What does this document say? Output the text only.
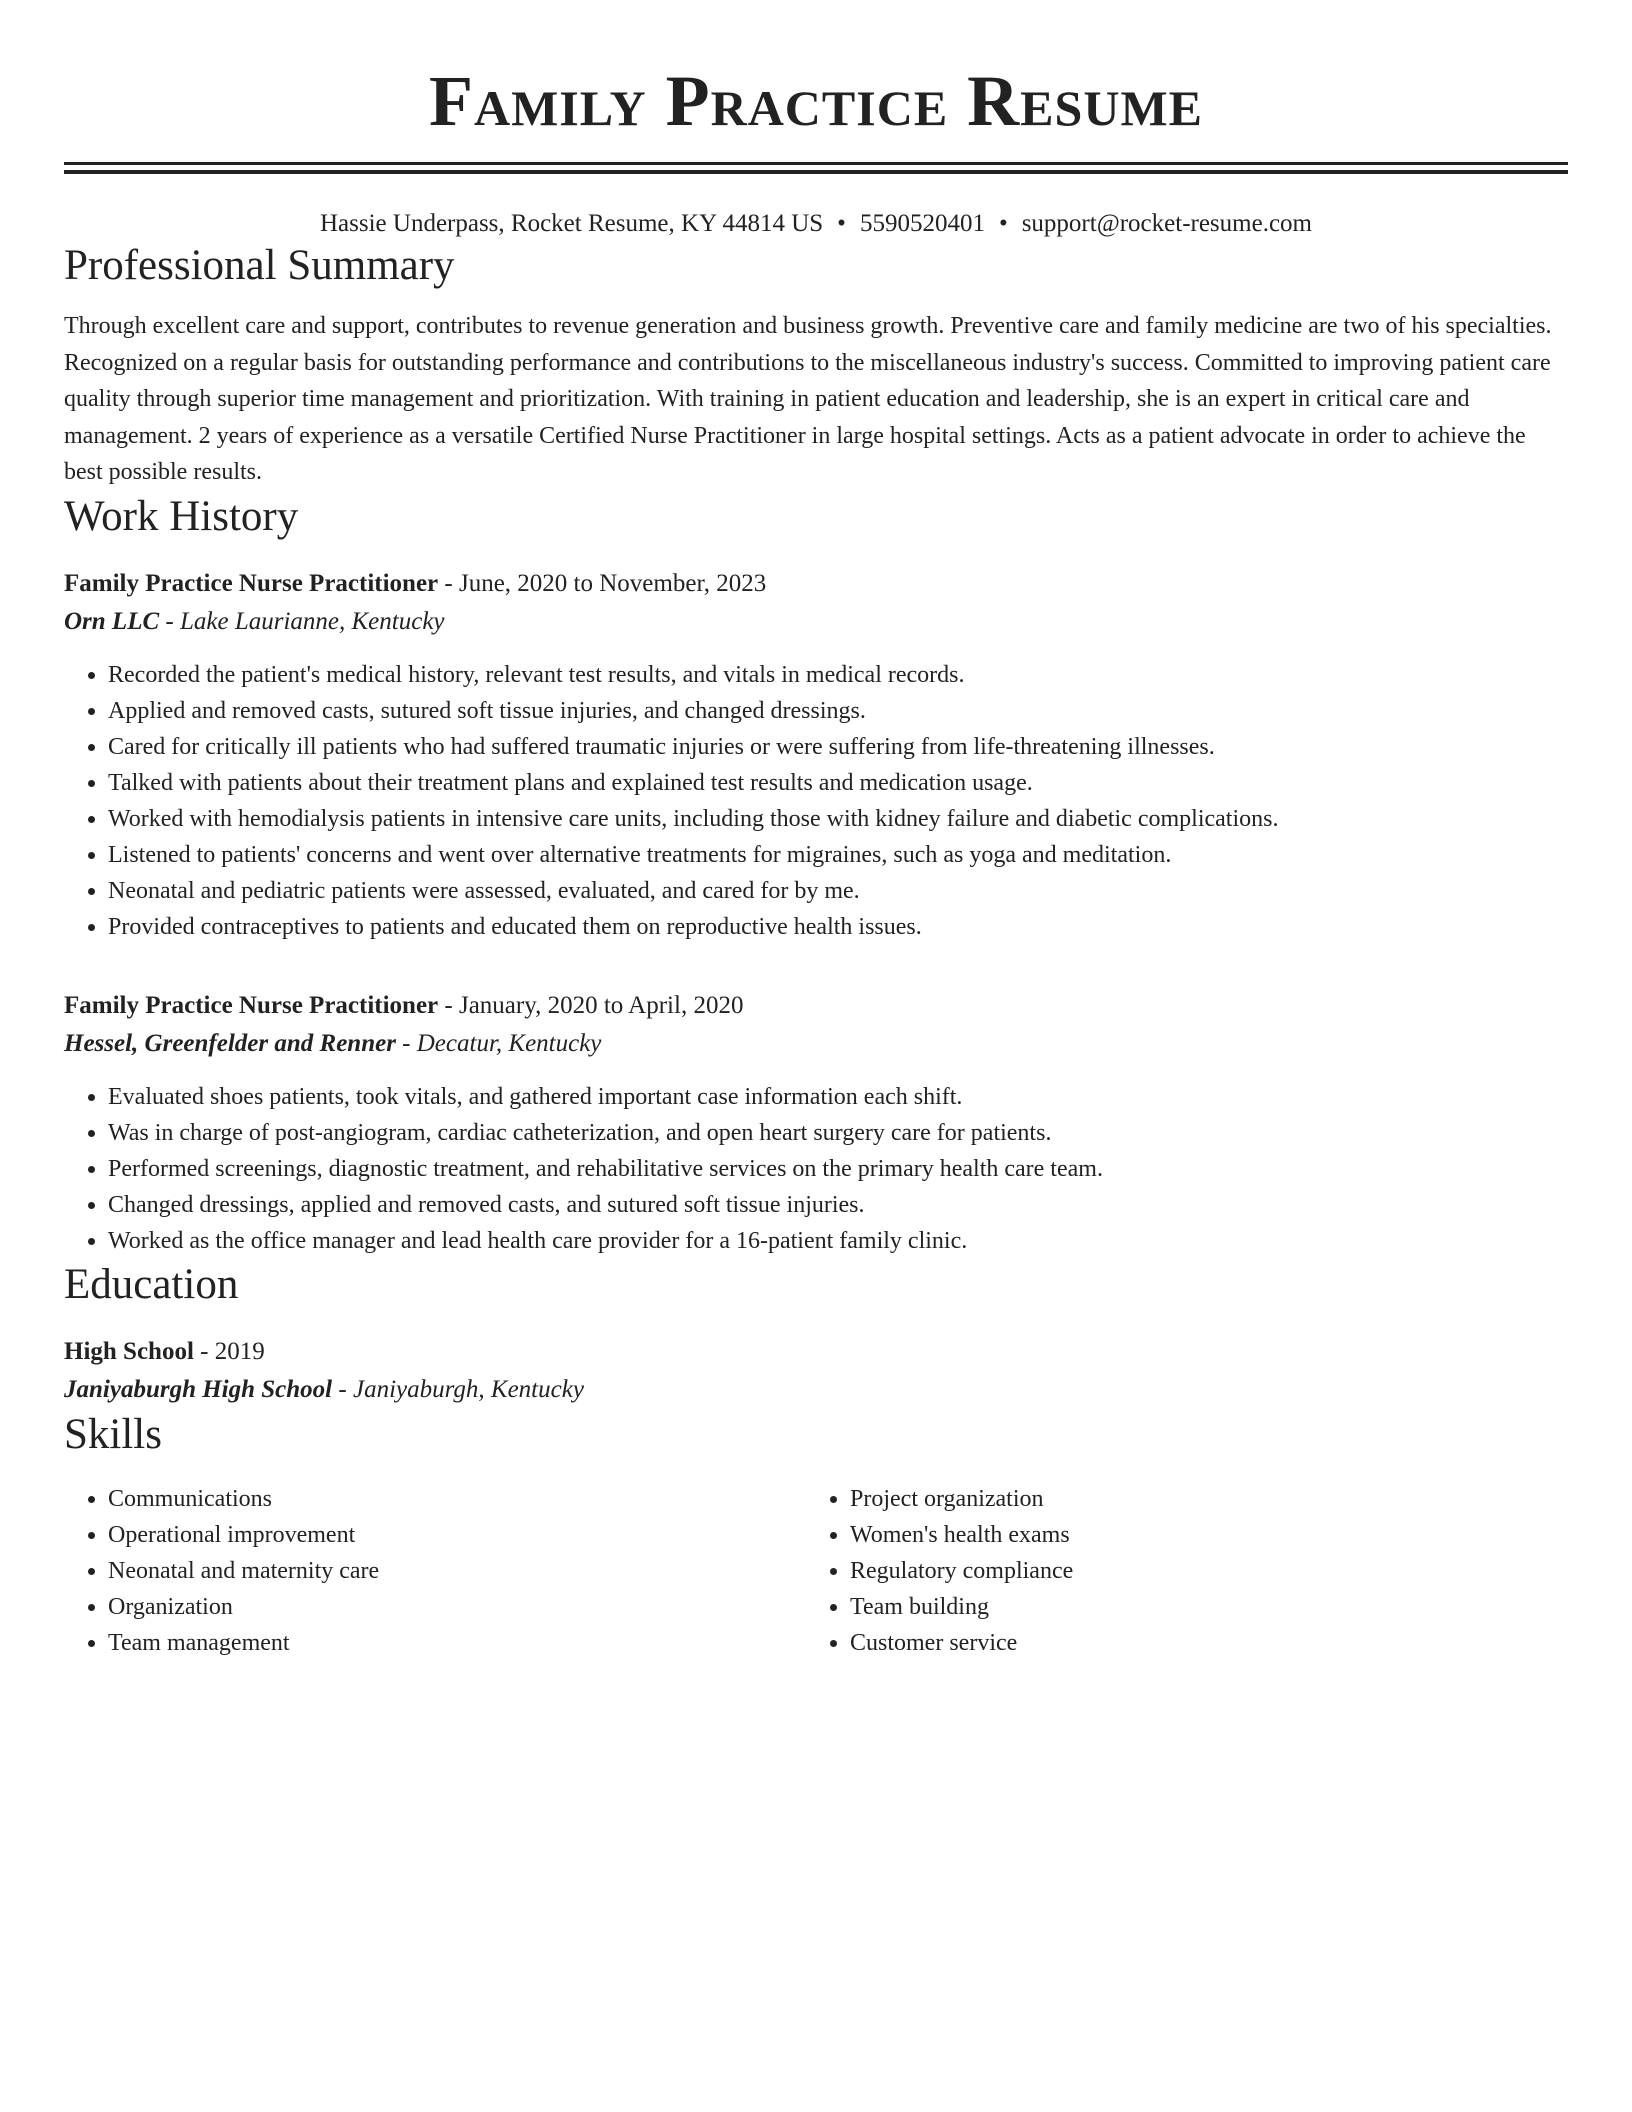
Family Practice Resume
Hassie Underpass, Rocket Resume, KY 44814 US • 5590520401 • support@rocket-resume.com
Professional Summary
Through excellent care and support, contributes to revenue generation and business growth. Preventive care and family medicine are two of his specialties. Recognized on a regular basis for outstanding performance and contributions to the miscellaneous industry's success. Committed to improving patient care quality through superior time management and prioritization. With training in patient education and leadership, she is an expert in critical care and management. 2 years of experience as a versatile Certified Nurse Practitioner in large hospital settings. Acts as a patient advocate in order to achieve the best possible results.
Work History
Family Practice Nurse Practitioner - June, 2020 to November, 2023
Orn LLC - Lake Laurianne, Kentucky
• Recorded the patient's medical history, relevant test results, and vitals in medical records.
• Applied and removed casts, sutured soft tissue injuries, and changed dressings.
• Cared for critically ill patients who had suffered traumatic injuries or were suffering from life-threatening illnesses.
• Talked with patients about their treatment plans and explained test results and medication usage.
• Worked with hemodialysis patients in intensive care units, including those with kidney failure and diabetic complications.
• Listened to patients' concerns and went over alternative treatments for migraines, such as yoga and meditation.
• Neonatal and pediatric patients were assessed, evaluated, and cared for by me.
• Provided contraceptives to patients and educated them on reproductive health issues.
Family Practice Nurse Practitioner - January, 2020 to April, 2020
Hessel, Greenfelder and Renner - Decatur, Kentucky
• Evaluated shoes patients, took vitals, and gathered important case information each shift.
• Was in charge of post-angiogram, cardiac catheterization, and open heart surgery care for patients.
• Performed screenings, diagnostic treatment, and rehabilitative services on the primary health care team.
• Changed dressings, applied and removed casts, and sutured soft tissue injuries.
• Worked as the office manager and lead health care provider for a 16-patient family clinic.
Education
High School - 2019
Janiyaburgh High School - Janiyaburgh, Kentucky
Skills
• Communications
• Operational improvement
• Neonatal and maternity care
• Organization
• Team management
• Project organization
• Women's health exams
• Regulatory compliance
• Team building
• Customer service
